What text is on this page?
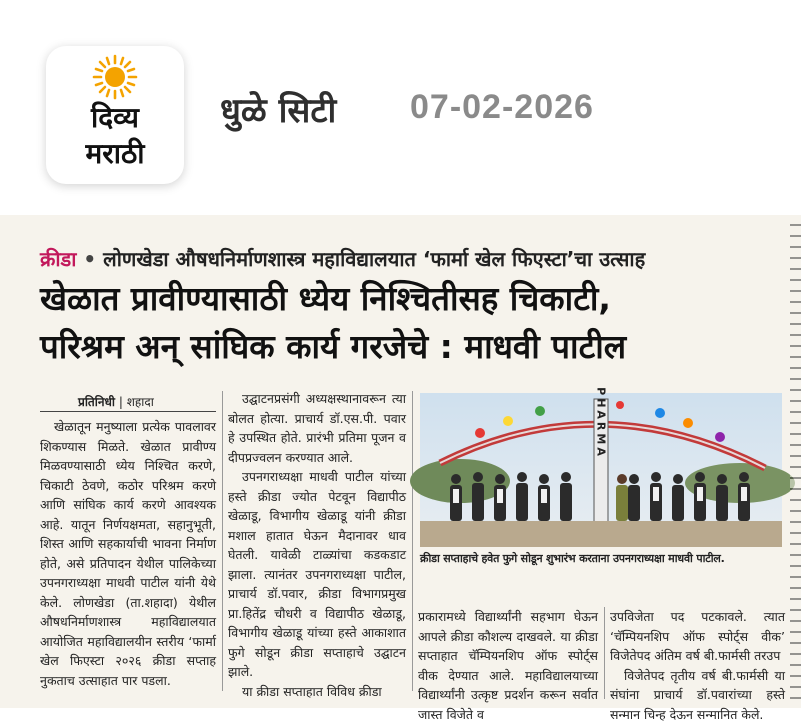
दिव्य
मराठी
धुळे सिटी 07-02-2026
क्रीडा • लोणखेडा औषधनिर्माणशास्त्र महाविद्यालयात ‘फार्मा खेल फिएस्टा’चा उत्साह
खेळात प्रावीण्यासाठी ध्येय निश्चितीसह चिकाटी,
परिश्रम अन् सांघिक कार्य गरजेचे : माधवी पाटील
प्रतिनिधी | शहादा

खेळातून मनुष्याला प्रत्येक पावलावर शिकण्यास मिळते. खेळात प्रावीण्य मिळवण्यासाठी ध्येय निश्चित करणे, चिकाटी ठेवणे, कठोर परिश्रम करणे आणि सांघिक कार्य करणे आवश्यक आहे. यातून निर्णयक्षमता, सहानुभूती, शिस्त आणि सहकार्याची भावना निर्माण होते, असे प्रतिपादन येथील पालिकेच्या उपनगराध्यक्षा माधवी पाटील यांनी येथे केले. लोणखेडा (ता.शहादा) येथील औषधनिर्माणशास्त्र महाविद्यालयात आयोजित महाविद्यालयीन स्तरीय ‘फार्मा खेल फिएस्टा २०२६ क्रीडा सप्ताह नुकताच उत्साहात पार पडला.

उद्घाटनप्रसंगी अध्यक्षस्थानावरून त्या बोलत होत्या. प्राचार्य डॉ.एस.पी. पवार हे उपस्थित होते. प्रारंभी प्रतिमा पूजन व दीपप्रज्वलन करण्यात आले.

उपनगराध्यक्षा माधवी पाटील यांच्या हस्ते क्रीडा ज्योत पेटवून विद्यापीठ खेळाडू, विभागीय खेळाडू यांनी क्रीडा मशाल हातात घेऊन मैदानावर धाव घेतली. यावेळी टाळ्यांचा कडकडाट झाला. त्यानंतर उपनगराध्यक्षा पाटील, प्राचार्य डॉ.पवार, क्रीडा विभागप्रमुख प्रा.हितेंद्र चौधरी व विद्यापीठ खेळाडू, विभागीय खेळाडू यांच्या हस्ते आकाशात फुगे सोडून क्रीडा सप्ताहाचे उद्घाटन झाले.

या क्रीडा सप्ताहात विविध क्रीडा

PHARMA
क्रीडा सप्ताहाचे हवेत फुगे सोडून शुभारंभ करताना उपनगराध्यक्षा माधवी पाटील.

प्रकारामध्ये विद्यार्थ्यांनी सहभाग घेऊन आपले क्रीडा कौशल्य दाखवले. या क्रीडा सप्ताहात चॅम्पियनशिप ऑफ स्पोर्ट्स वीक देण्यात आले. महाविद्यालयाच्या विद्यार्थ्यांनी उत्कृष्ट प्रदर्शन करून सर्वात जास्त विजेते व

उपविजेता पद पटकावले. त्यात ‘चॅम्पियनशिप ऑफ स्पोर्ट्स वीक’ विजेतेपद अंतिम वर्ष बी.फार्मसी तरउप

विजेतेपद तृतीय वर्ष बी.फार्मसी या संघांना प्राचार्य डॉ.पवारांच्या हस्ते सन्मान चिन्ह देऊन सन्मानित केले.
